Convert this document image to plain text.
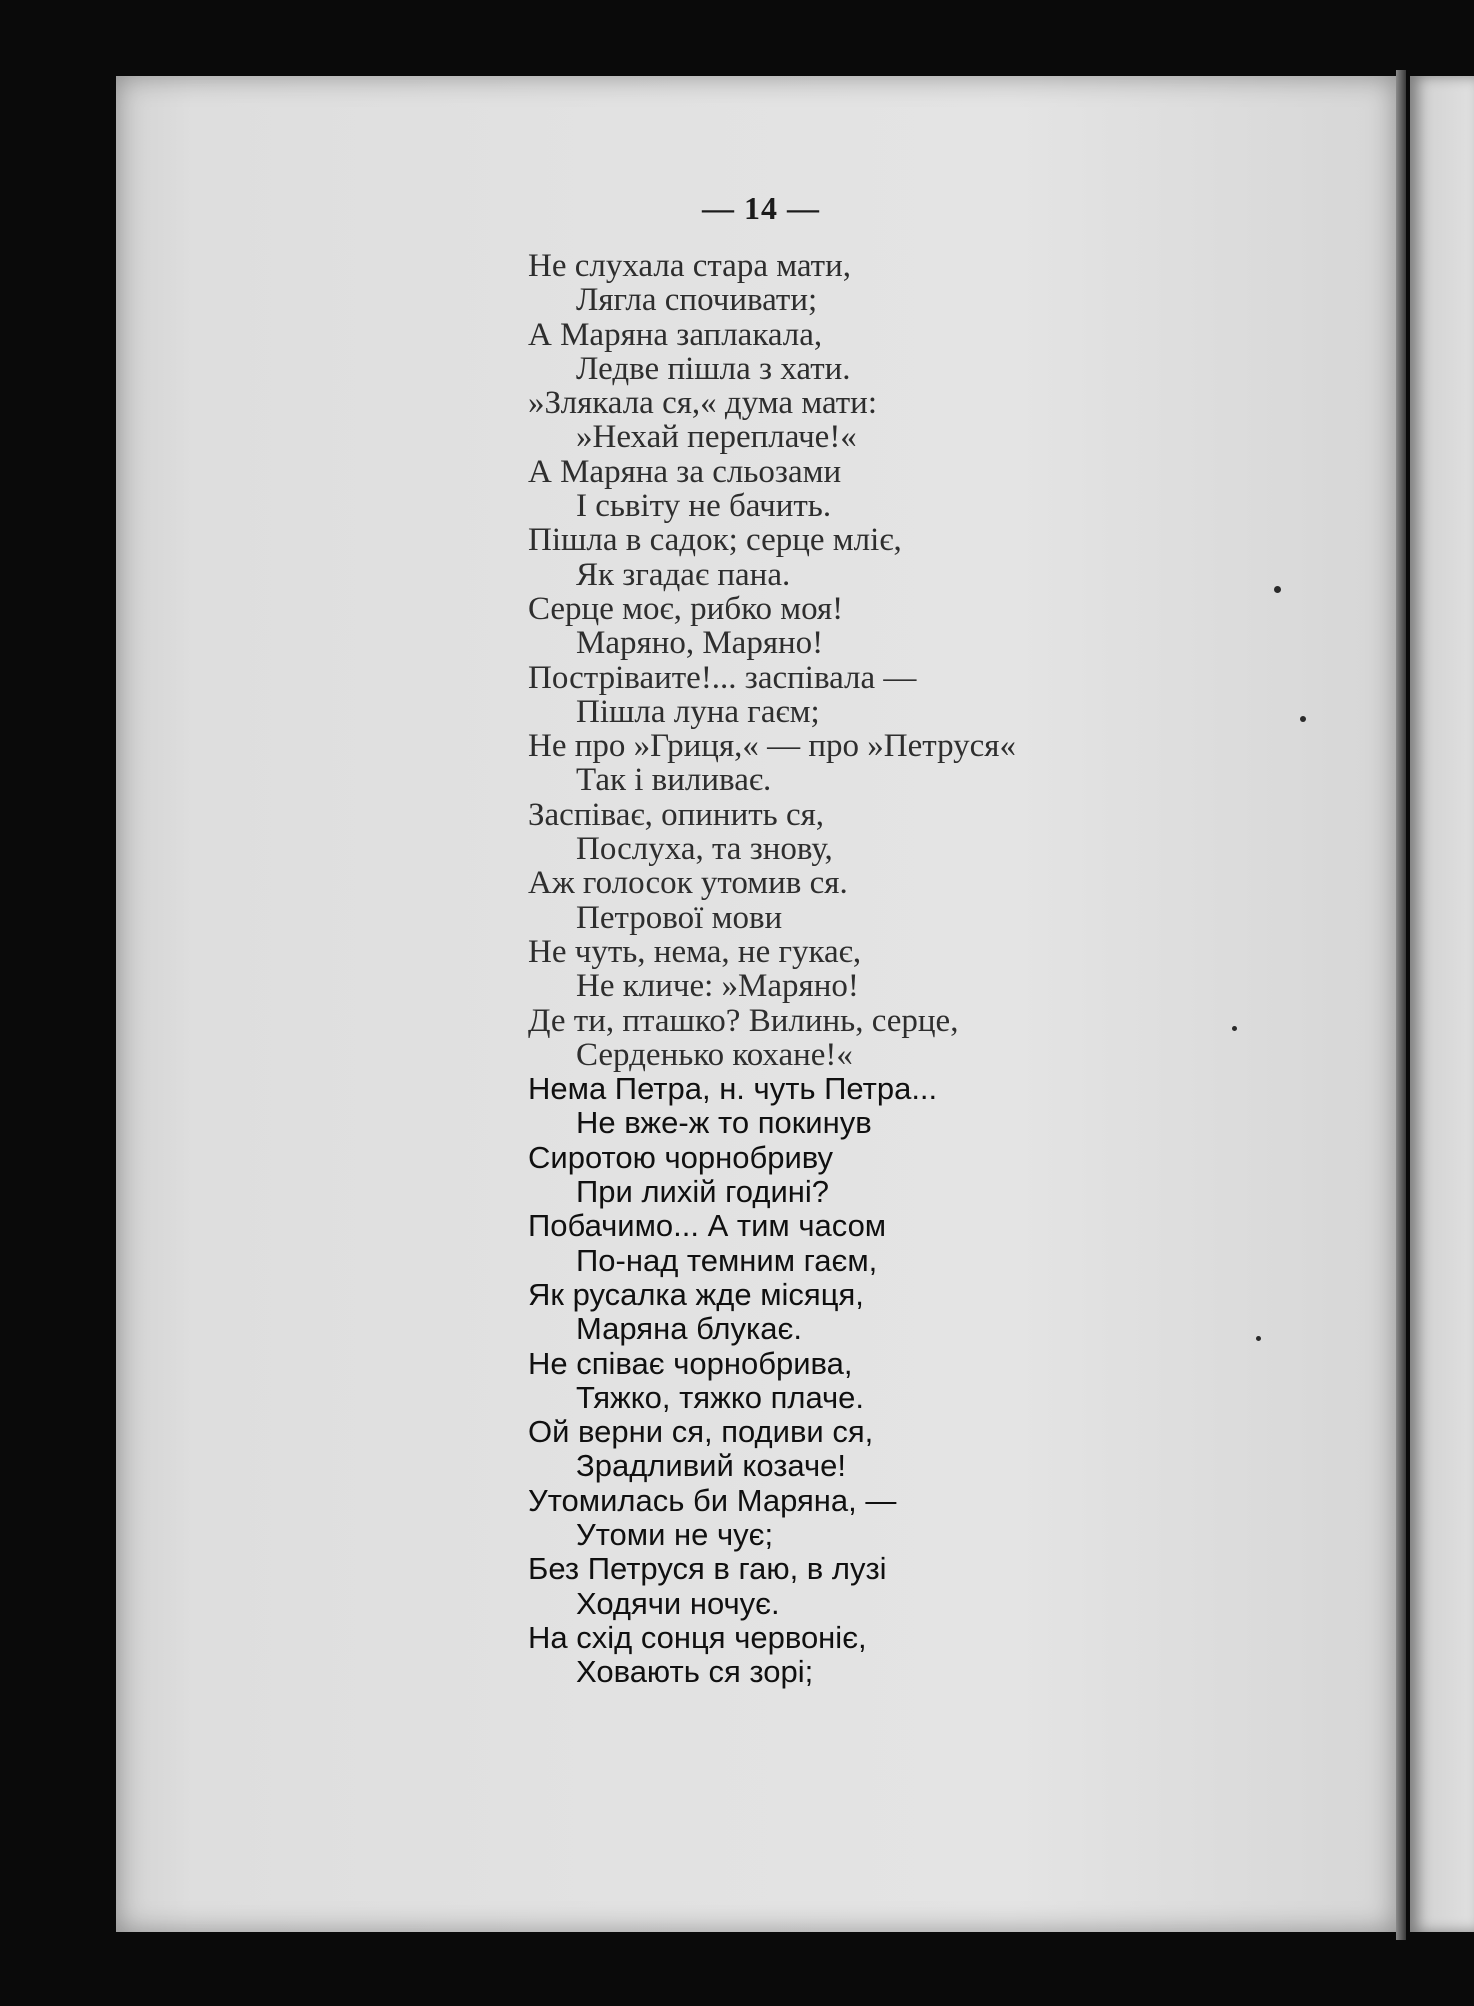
— 14 —
Не слухала стара мати,
Лягла спочивати;
А Маряна заплакала,
Ледве пішла з хати.
»Злякала ся,« дума мати:
»Нехай переплаче!«
А Маряна за сльозами
І сьвіту не бачить.
Пішла в садок; серце мліє,
Як згадає пана.
Серце моє, рибко моя!
Маряно, Маряно!
Постріваите!... заспівала —
Пішла луна гаєм;
Не про »Гриця,« — про »Петруся«
Так і виливає.
Заспіває, опинить ся,
Послуха, та знову,
Аж голосок утомив ся.
Петрової мови
Не чуть, нема, не гукає,
Не кличе: »Маряно!
Де ти, пташко? Вилинь, серце,
Серденько кохане!«
Нема Петра, н. чуть Петра...
Не вже-ж то покинув
Сиротою чорнобриву
При лихій годині?
Побачимо... А тим часом
По-над темним гаєм,
Як русалка жде місяця,
Маряна блукає.
Не співає чорнобрива,
Тяжко, тяжко плаче.
Ой верни ся, подиви ся,
Зрадливий козаче!
Утомилась би Маряна, —
Утоми не чує;
Без Петруся в гаю, в лузі
Ходячи ночує.
На схід сонця червоніє,
Ховають ся зорі;
